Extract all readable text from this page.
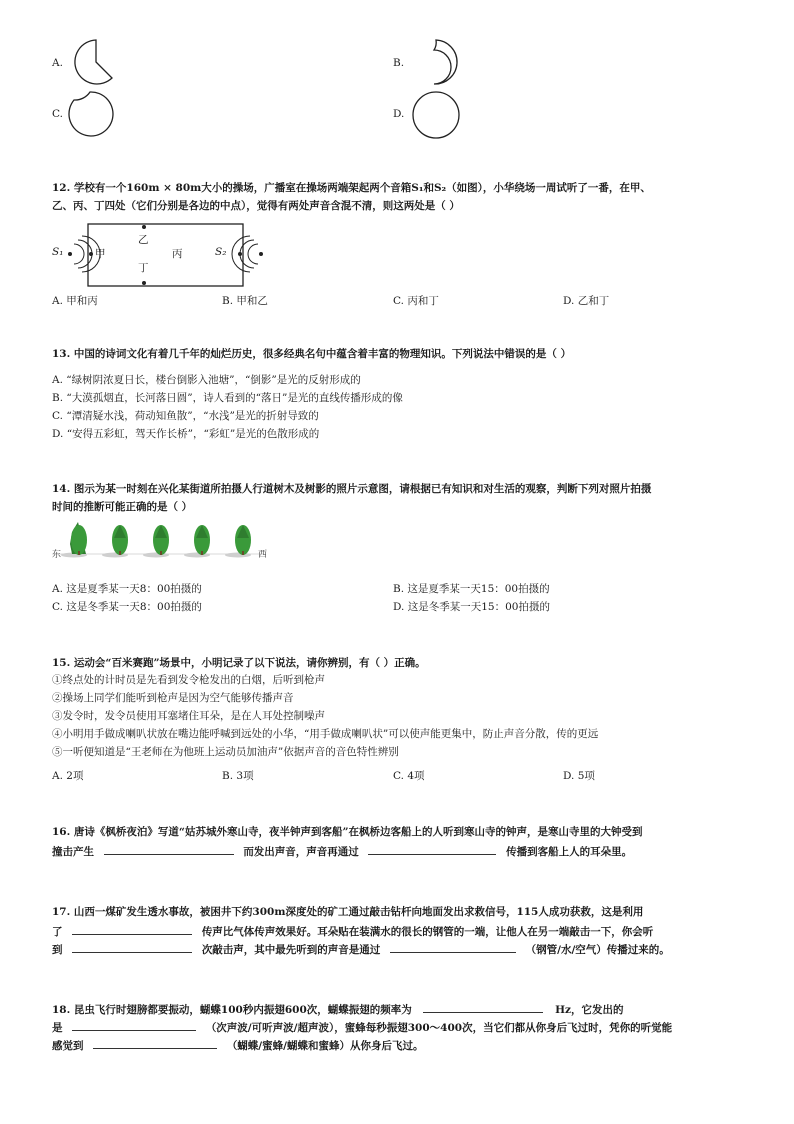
A.	B.
C.	D.
12. 学校有一个160m × 80m大小的操场，广播室在操场两端架起两个音箱S₁和S₂（如图），小华绕场一周试听了一番，在甲、
乙、丙、丁四处（它们分别是各边的中点），觉得有两处声音含混不清，则这两处是（ ）
S₁	S₂
甲	丙
乙
丁
A. 甲和丙	B. 甲和乙	C. 丙和丁	D. 乙和丁
13. 中国的诗词文化有着几千年的灿烂历史，很多经典名句中蕴含着丰富的物理知识。下列说法中错误的是（ ）
A. “绿树阴浓夏日长，楼台倒影入池塘”，“倒影”是光的反射形成的
B. “大漠孤烟直，长河落日圆”，诗人看到的“落日”是光的直线传播形成的像
C. “潭清疑水浅，荷动知鱼散”，“水浅”是光的折射导致的
D. “安得五彩虹，驾天作长桥”，“彩虹”是光的色散形成的
14. 图示为某一时刻在兴化某街道所拍摄人行道树木及树影的照片示意图，请根据已有知识和对生活的观察，判断下列对照片拍摄
时间的推断可能正确的是（ ）
东	西
A. 这是夏季某一天8：00拍摄的	B. 这是夏季某一天15：00拍摄的
C. 这是冬季某一天8：00拍摄的	D. 这是冬季某一天15：00拍摄的
15. 运动会“百米赛跑”场景中，小明记录了以下说法，请你辨别，有（ ）正确。
①终点处的计时员是先看到发令枪发出的白烟，后听到枪声
②操场上同学们能听到枪声是因为空气能够传播声音
③发令时，发令员使用耳塞堵住耳朵，是在人耳处控制噪声
④小明用手做成喇叭状放在嘴边能呼喊到远处的小华，“用手做成喇叭状”可以使声能更集中，防止声音分散，传的更远
⑤一听便知道是“王老师在为他班上运动员加油声”依据声音的音色特性辨别
A. 2项	B. 3项	C. 4项	D. 5项
16. 唐诗《枫桥夜泊》写道“姑苏城外寒山寺，夜半钟声到客船”在枫桥边客船上的人听到寒山寺的钟声，是寒山寺里的大钟受到
撞击产生	而发出声音，声音再通过	传播到客船上人的耳朵里。
17. 山西一煤矿发生透水事故，被困井下约300m深度处的矿工通过敲击钻杆向地面发出求救信号，115人成功获救，这是利用
了	传声比气体传声效果好。耳朵贴在装满水的很长的钢管的一端，让他人在另一端敲击一下，你会听
到	次敲击声，其中最先听到的声音是通过	（钢管/水/空气）传播过来的。
18. 昆虫飞行时翅膀都要振动，蝴蝶100秒内振翅600次，蝴蝶振翅的频率为	Hz，它发出的
是	（次声波/可听声波/超声波），蜜蜂每秒振翅300～400次，当它们都从你身后飞过时，凭你的听觉能
感觉到	（蝴蝶/蜜蜂/蝴蝶和蜜蜂）从你身后飞过。
